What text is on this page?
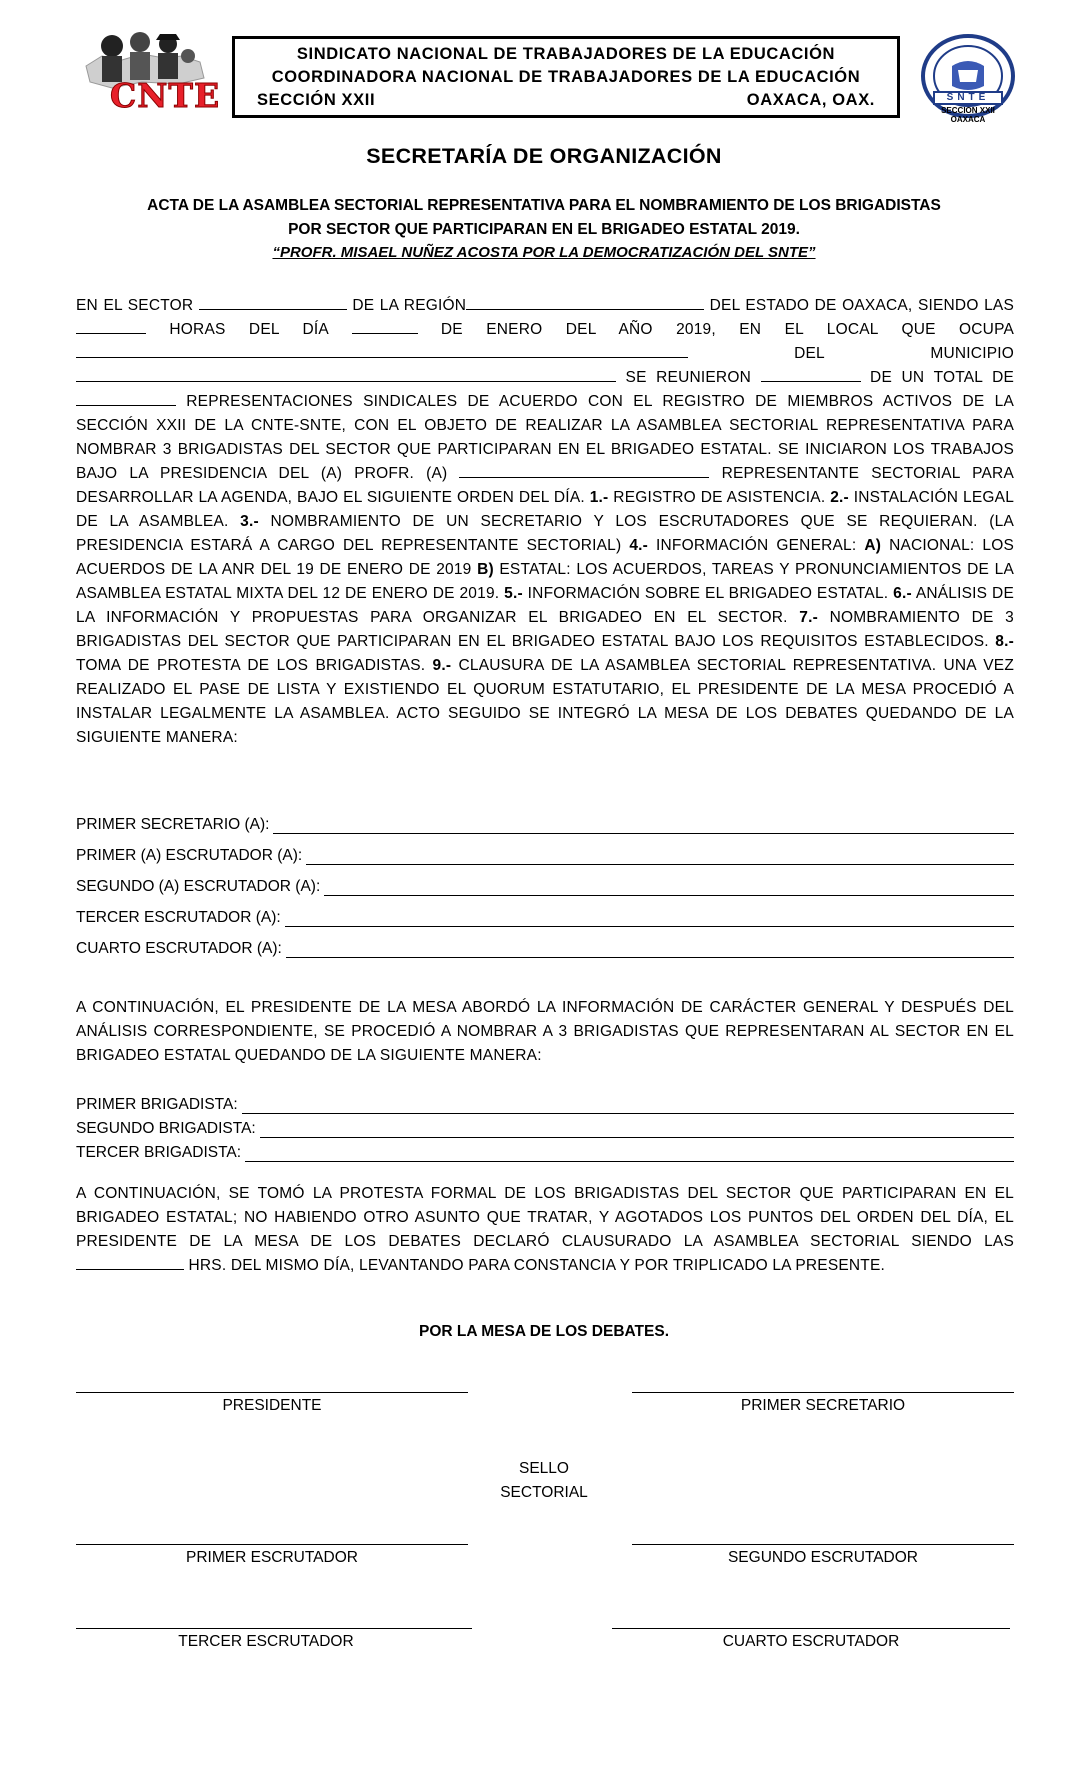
CNTE
SINDICATO NACIONAL DE TRABAJADORES DE LA EDUCACIÓN
COORDINADORA NACIONAL DE TRABAJADORES DE LA EDUCACIÓN
SECCIÓN XXII	OAXACA, OAX.	SNTE
SECCION XXII OAXACA
SECRETARÍA DE ORGANIZACIÓN
ACTA DE LA ASAMBLEA SECTORIAL REPRESENTATIVA PARA EL NOMBRAMIENTO DE LOS BRIGADISTAS
POR SECTOR QUE PARTICIPARAN EN EL BRIGADEO ESTATAL 2019.
“PROFR. MISAEL NUÑEZ ACOSTA POR LA DEMOCRATIZACIÓN DEL SNTE”
EN EL SECTOR	DE LA REGIÓN	DEL ESTADO DE OAXACA, SIENDO LAS  HORAS DEL DÍA	DE ENERO DEL AÑO 2019, EN EL LOCAL QUE OCUPA  DEL MUNICIPIO  SE REUNIERON	DE UN TOTAL DE  REPRESENTACIONES SINDICALES DE ACUERDO CON EL REGISTRO DE MIEMBROS ACTIVOS DE LA SECCIÓN XXII DE LA CNTE-SNTE, CON EL OBJETO DE REALIZAR LA ASAMBLEA SECTORIAL REPRESENTATIVA PARA NOMBRAR 3 BRIGADISTAS DEL SECTOR QUE PARTICIPARAN EN EL BRIGADEO ESTATAL. SE INICIARON LOS TRABAJOS BAJO LA PRESIDENCIA DEL (A) PROFR. (A)	REPRESENTANTE SECTORIAL PARA DESARROLLAR LA AGENDA, BAJO EL SIGUIENTE ORDEN DEL DÍA. 1.- REGISTRO DE ASISTENCIA. 2.- INSTALACIÓN LEGAL DE LA ASAMBLEA. 3.- NOMBRAMIENTO DE UN SECRETARIO Y LOS ESCRUTADORES QUE SE REQUIERAN. (LA PRESIDENCIA ESTARÁ A CARGO DEL REPRESENTANTE SECTORIAL) 4.- INFORMACIÓN GENERAL: A) NACIONAL: LOS ACUERDOS DE LA ANR DEL 19 DE ENERO DE 2019 B) ESTATAL: LOS ACUERDOS, TAREAS Y PRONUNCIAMIENTOS DE LA ASAMBLEA ESTATAL MIXTA DEL 12 DE ENERO DE 2019. 5.- INFORMACIÓN SOBRE EL BRIGADEO ESTATAL. 6.- ANÁLISIS DE LA INFORMACIÓN Y PROPUESTAS PARA ORGANIZAR EL BRIGADEO EN EL SECTOR. 7.- NOMBRAMIENTO DE 3 BRIGADISTAS DEL SECTOR QUE PARTICIPARAN EN EL BRIGADEO ESTATAL BAJO LOS REQUISITOS ESTABLECIDOS. 8.- TOMA DE PROTESTA DE LOS BRIGADISTAS. 9.- CLAUSURA DE LA ASAMBLEA SECTORIAL REPRESENTATIVA. UNA VEZ REALIZADO EL PASE DE LISTA Y EXISTIENDO EL QUORUM ESTATUTARIO, EL PRESIDENTE DE LA MESA PROCEDIÓ A INSTALAR LEGALMENTE LA ASAMBLEA. ACTO SEGUIDO SE INTEGRÓ LA MESA DE LOS DEBATES QUEDANDO DE LA SIGUIENTE MANERA:
PRIMER SECRETARIO (A):
PRIMER (A) ESCRUTADOR (A):
SEGUNDO (A) ESCRUTADOR (A):
TERCER ESCRUTADOR (A):
CUARTO ESCRUTADOR (A):
A CONTINUACIÓN, EL PRESIDENTE DE LA MESA ABORDÓ LA INFORMACIÓN DE CARÁCTER GENERAL Y DESPUÉS DEL ANÁLISIS CORRESPONDIENTE, SE PROCEDIÓ A NOMBRAR A 3 BRIGADISTAS QUE REPRESENTARAN AL SECTOR EN EL BRIGADEO ESTATAL QUEDANDO DE LA SIGUIENTE MANERA:
PRIMER BRIGADISTA:
SEGUNDO BRIGADISTA:
TERCER BRIGADISTA:
A CONTINUACIÓN, SE TOMÓ LA PROTESTA FORMAL DE LOS BRIGADISTAS DEL SECTOR QUE PARTICIPARAN EN EL BRIGADEO ESTATAL; NO HABIENDO OTRO ASUNTO QUE TRATAR, Y AGOTADOS LOS PUNTOS DEL ORDEN DEL DÍA, EL PRESIDENTE DE LA MESA DE LOS DEBATES DECLARÓ CLAUSURADO LA ASAMBLEA SECTORIAL SIENDO LAS  HRS. DEL MISMO DÍA, LEVANTANDO PARA CONSTANCIA Y POR TRIPLICADO LA PRESENTE.
POR LA MESA DE LOS DEBATES.
PRESIDENTE	PRIMER SECRETARIO
SELLO
SECTORIAL
PRIMER ESCRUTADOR	SEGUNDO ESCRUTADOR
TERCER ESCRUTADOR	CUARTO ESCRUTADOR
